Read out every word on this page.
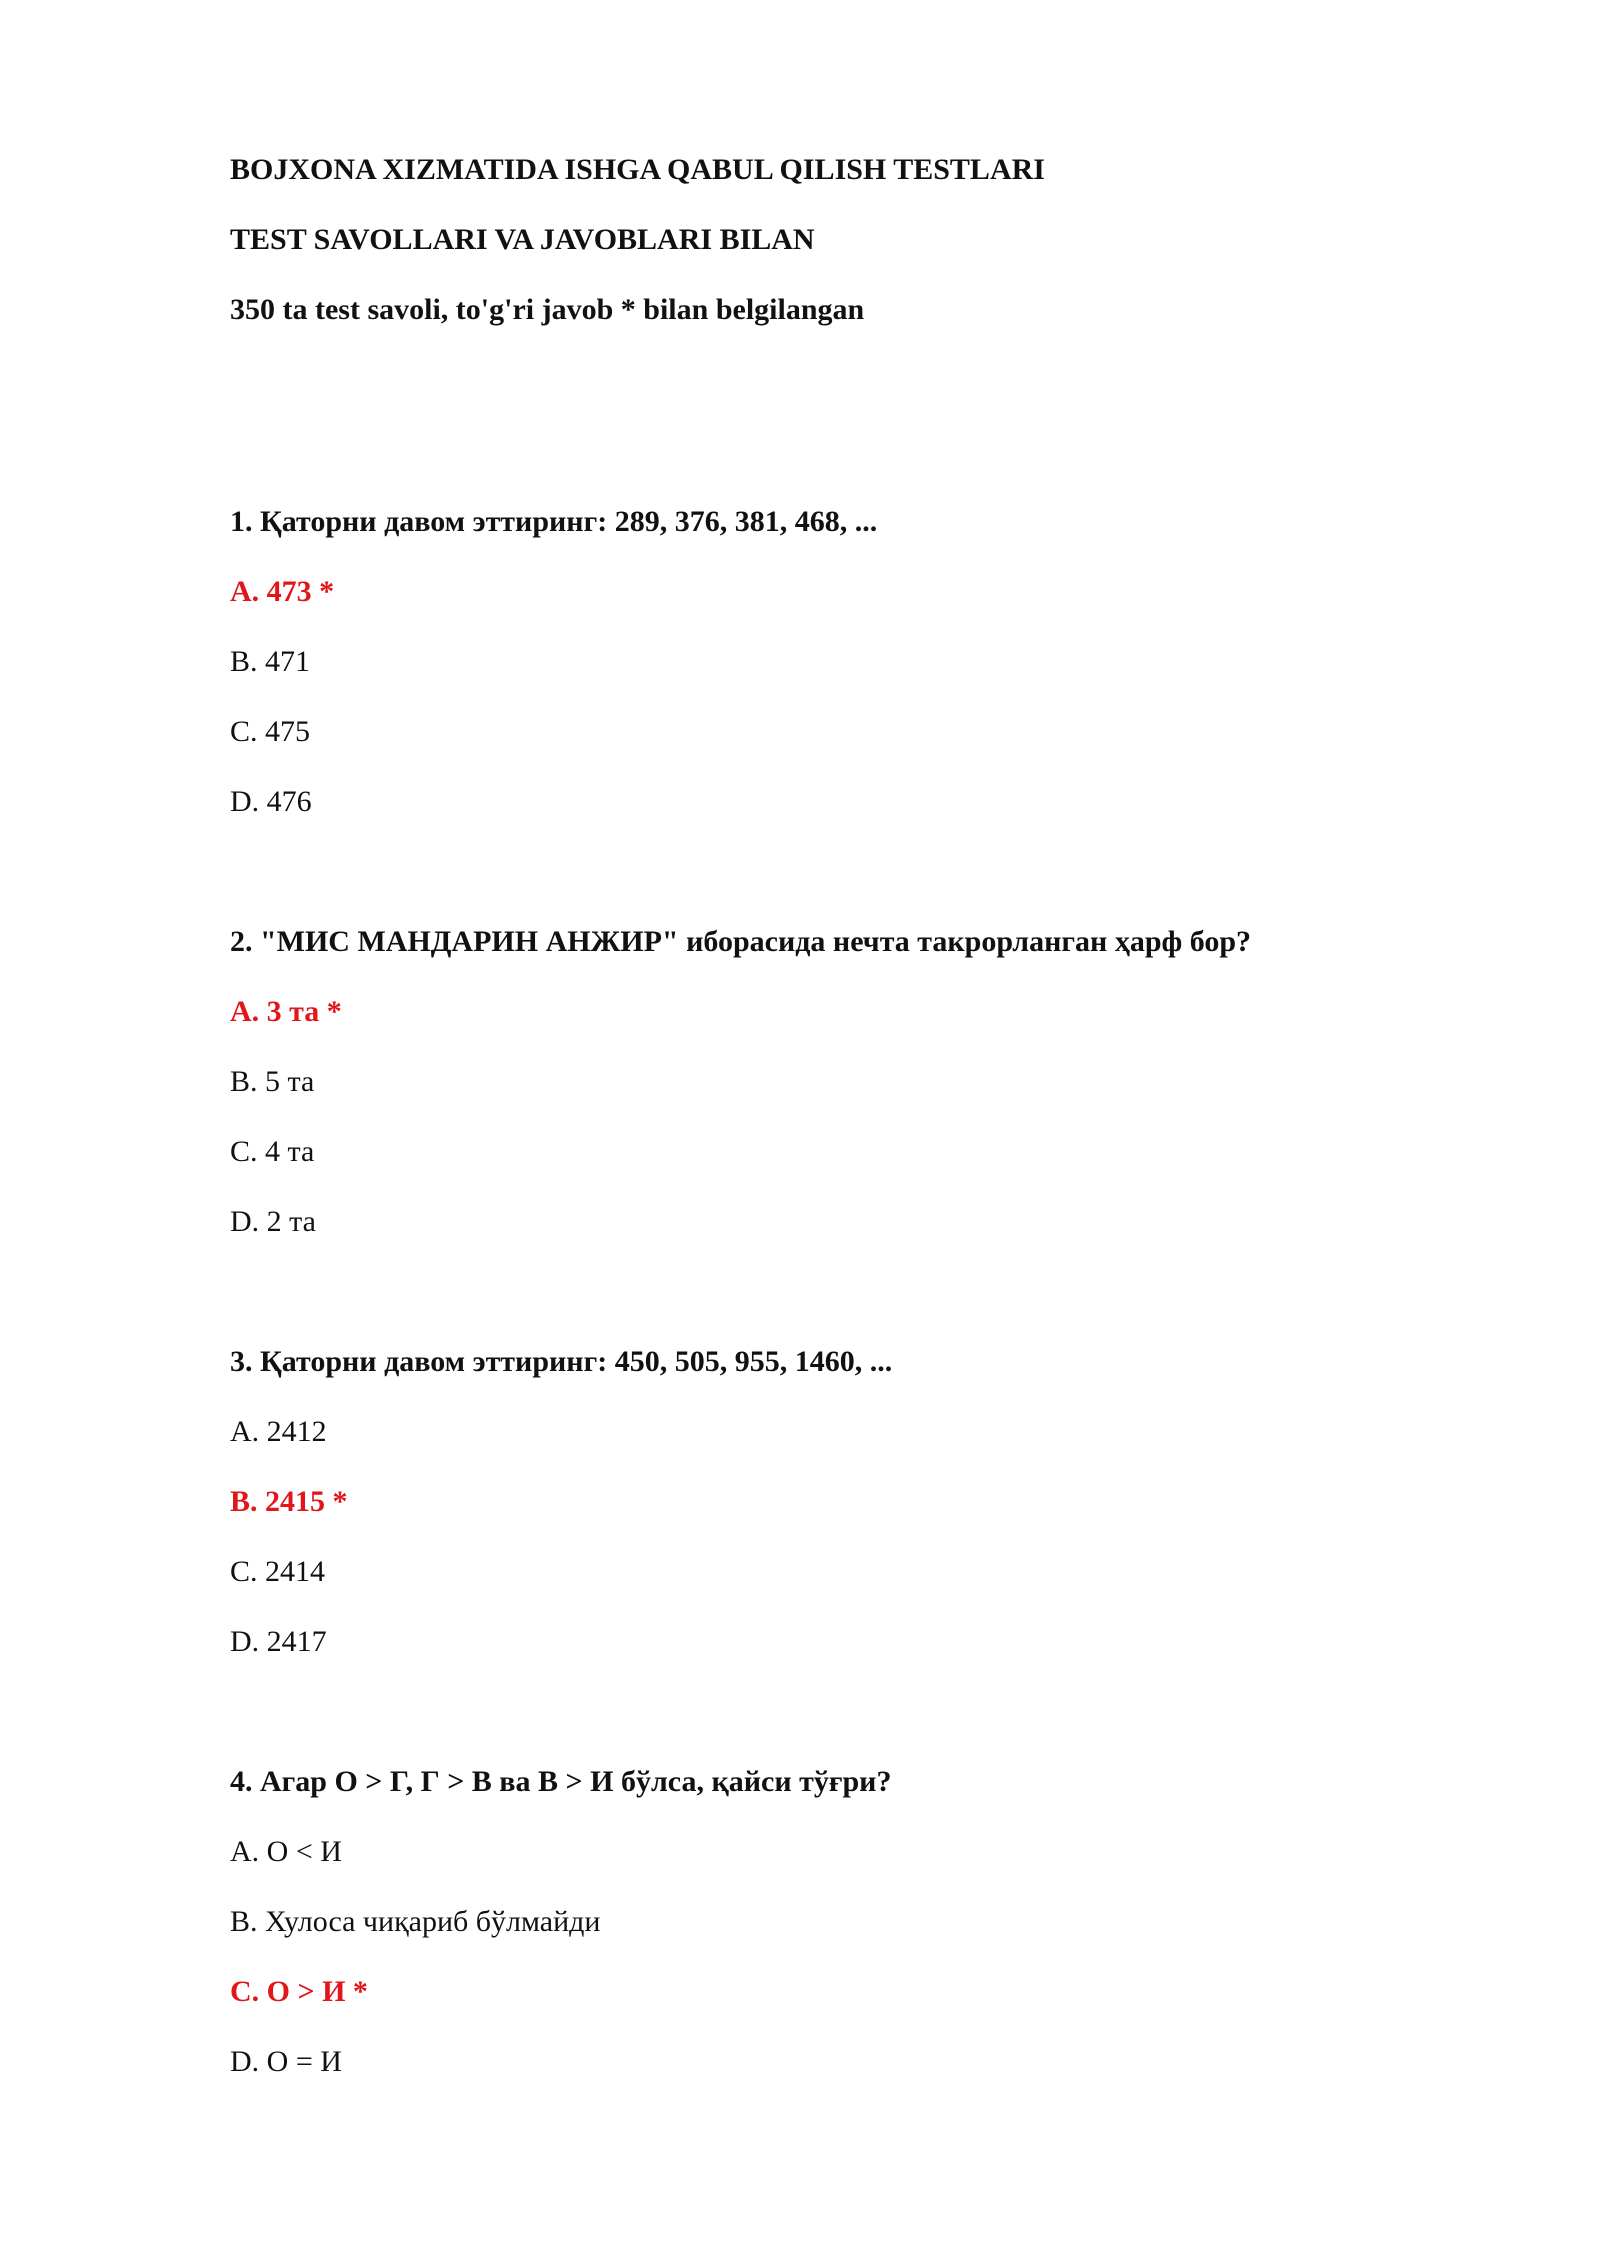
BOJXONA XIZMATIDA ISHGA QABUL QILISH TESTLARI

TEST SAVOLLARI VA JAVOBLARI BILAN

350 ta test savoli, to'g'ri javob * bilan belgilangan

1. Қаторни давом эттиринг: 289, 376, 381, 468, ...

A. 473 *

B. 471

C. 475

D. 476

2. "МИС МАНДАРИН АНЖИР" иборасида нечта такрорланган ҳарф бор?

A. 3 та *

B. 5 та

C. 4 та

D. 2 та

3. Қаторни давом эттиринг: 450, 505, 955, 1460, ...

A. 2412

B. 2415 *

C. 2414

D. 2417

4. Агар О > Г, Г > В ва В > И бўлса, қайси тўғри?

A. О < И

B. Хулоса чиқариб бўлмайди

C. О > И *

D. О = И
